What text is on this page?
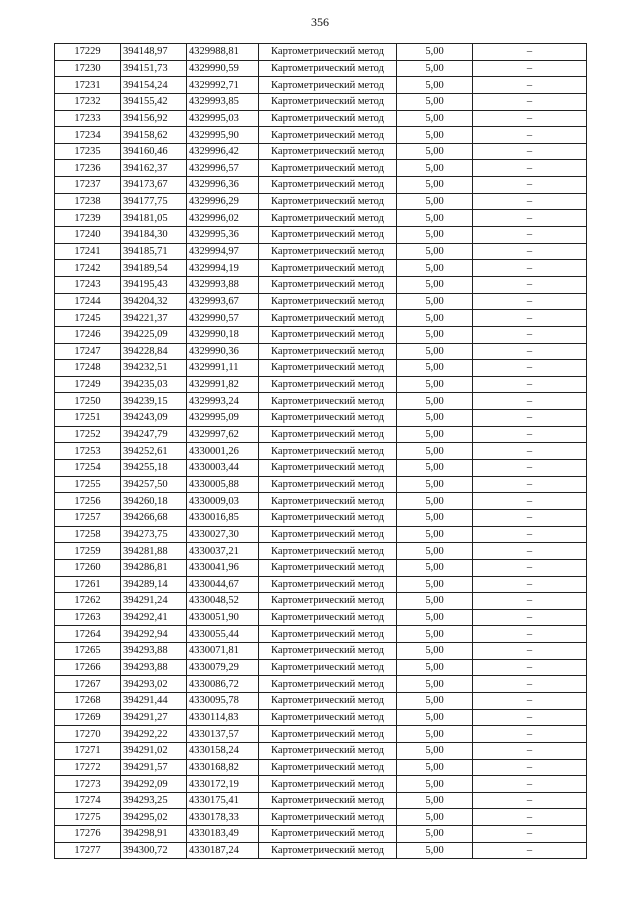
356
17229	394148,97	4329988,81	Картометрический метод	5,00	–
17230	394151,73	4329990,59	Картометрический метод	5,00	–
17231	394154,24	4329992,71	Картометрический метод	5,00	–
17232	394155,42	4329993,85	Картометрический метод	5,00	–
17233	394156,92	4329995,03	Картометрический метод	5,00	–
17234	394158,62	4329995,90	Картометрический метод	5,00	–
17235	394160,46	4329996,42	Картометрический метод	5,00	–
17236	394162,37	4329996,57	Картометрический метод	5,00	–
17237	394173,67	4329996,36	Картометрический метод	5,00	–
17238	394177,75	4329996,29	Картометрический метод	5,00	–
17239	394181,05	4329996,02	Картометрический метод	5,00	–
17240	394184,30	4329995,36	Картометрический метод	5,00	–
17241	394185,71	4329994,97	Картометрический метод	5,00	–
17242	394189,54	4329994,19	Картометрический метод	5,00	–
17243	394195,43	4329993,88	Картометрический метод	5,00	–
17244	394204,32	4329993,67	Картометрический метод	5,00	–
17245	394221,37	4329990,57	Картометрический метод	5,00	–
17246	394225,09	4329990,18	Картометрический метод	5,00	–
17247	394228,84	4329990,36	Картометрический метод	5,00	–
17248	394232,51	4329991,11	Картометрический метод	5,00	–
17249	394235,03	4329991,82	Картометрический метод	5,00	–
17250	394239,15	4329993,24	Картометрический метод	5,00	–
17251	394243,09	4329995,09	Картометрический метод	5,00	–
17252	394247,79	4329997,62	Картометрический метод	5,00	–
17253	394252,61	4330001,26	Картометрический метод	5,00	–
17254	394255,18	4330003,44	Картометрический метод	5,00	–
17255	394257,50	4330005,88	Картометрический метод	5,00	–
17256	394260,18	4330009,03	Картометрический метод	5,00	–
17257	394266,68	4330016,85	Картометрический метод	5,00	–
17258	394273,75	4330027,30	Картометрический метод	5,00	–
17259	394281,88	4330037,21	Картометрический метод	5,00	–
17260	394286,81	4330041,96	Картометрический метод	5,00	–
17261	394289,14	4330044,67	Картометрический метод	5,00	–
17262	394291,24	4330048,52	Картометрический метод	5,00	–
17263	394292,41	4330051,90	Картометрический метод	5,00	–
17264	394292,94	4330055,44	Картометрический метод	5,00	–
17265	394293,88	4330071,81	Картометрический метод	5,00	–
17266	394293,88	4330079,29	Картометрический метод	5,00	–
17267	394293,02	4330086,72	Картометрический метод	5,00	–
17268	394291,44	4330095,78	Картометрический метод	5,00	–
17269	394291,27	4330114,83	Картометрический метод	5,00	–
17270	394292,22	4330137,57	Картометрический метод	5,00	–
17271	394291,02	4330158,24	Картометрический метод	5,00	–
17272	394291,57	4330168,82	Картометрический метод	5,00	–
17273	394292,09	4330172,19	Картометрический метод	5,00	–
17274	394293,25	4330175,41	Картометрический метод	5,00	–
17275	394295,02	4330178,33	Картометрический метод	5,00	–
17276	394298,91	4330183,49	Картометрический метод	5,00	–
17277	394300,72	4330187,24	Картометрический метод	5,00	–
